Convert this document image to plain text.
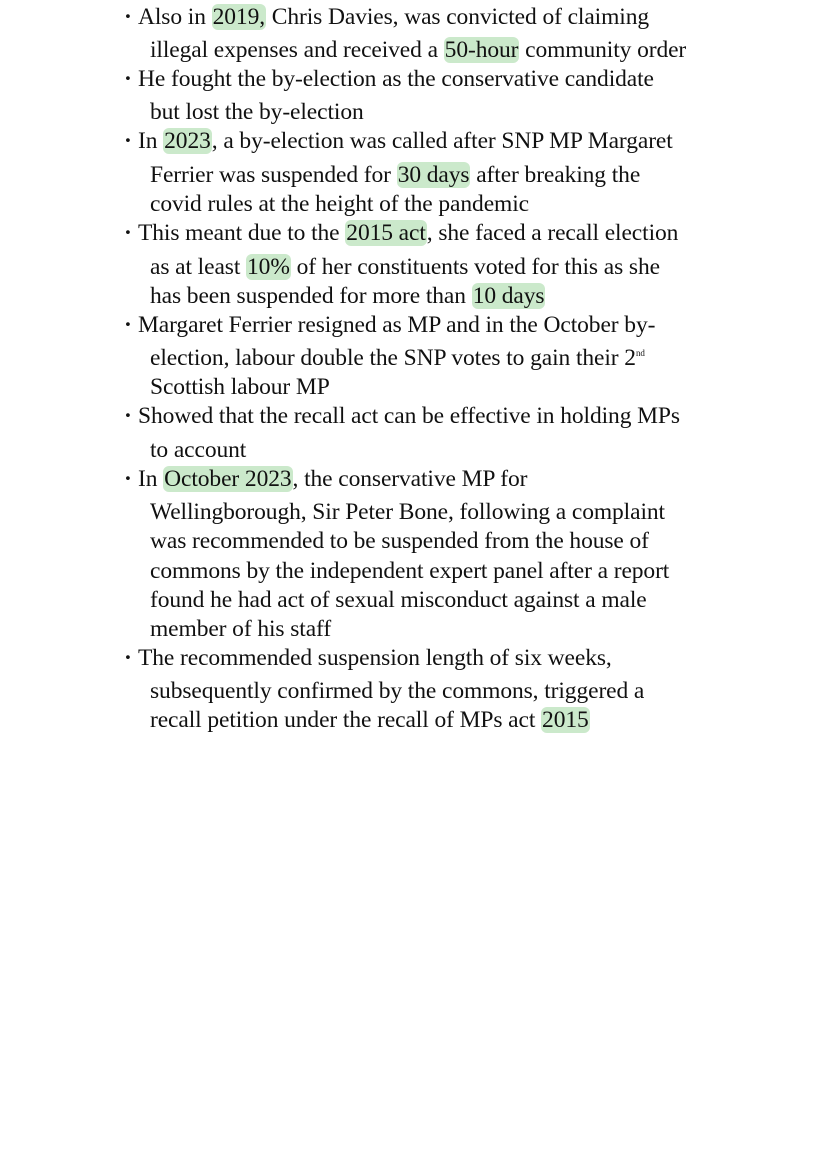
· Also in 2019, Chris Davies, was convicted of claiming
illegal expenses and received a 50-hour community order
· He fought the by-election as the conservative candidate
but lost the by-election
· In 2023, a by-election was called after SNP MP Margaret
Ferrier was suspended for 30 days after breaking the
covid rules at the height of the pandemic
· This meant due to the 2015 act, she faced a recall election
as at least 10% of her constituents voted for this as she
has been suspended for more than 10 days
· Margaret Ferrier resigned as MP and in the October by-
election, labour double the SNP votes to gain their 2nd
Scottish labour MP
· Showed that the recall act can be effective in holding MPs
to account
· In October 2023, the conservative MP for
Wellingborough, Sir Peter Bone, following a complaint
was recommended to be suspended from the house of
commons by the independent expert panel after a report
found he had act of sexual misconduct against a male
member of his staff
· The recommended suspension length of six weeks,
subsequently confirmed by the commons, triggered a
recall petition under the recall of MPs act 2015
